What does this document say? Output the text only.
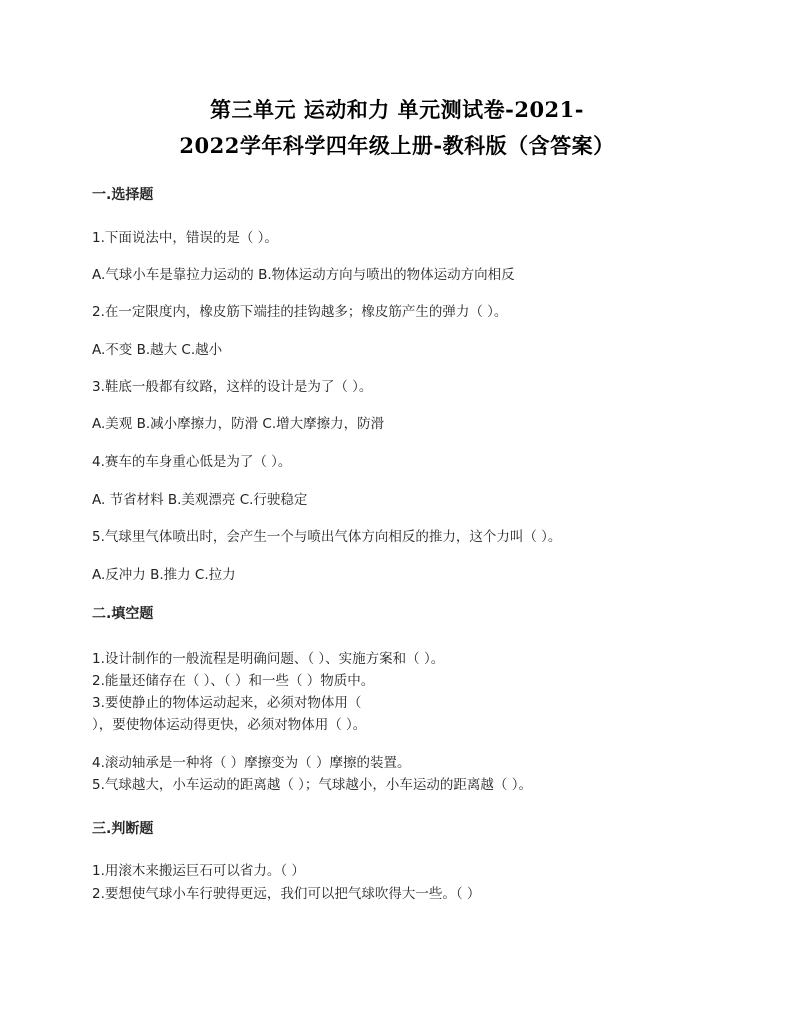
第三单元 运动和力 单元测试卷-2021-
2022学年科学四年级上册-教科版（含答案）
一.选择题
1.下面说法中，错误的是（ ）。
A.气球小车是靠拉力运动的 B.物体运动方向与喷出的物体运动方向相反
2.在一定限度内，橡皮筋下端挂的挂钩越多；橡皮筋产生的弹力（ ）。
A.不变 B.越大 C.越小
3.鞋底一般都有纹路，这样的设计是为了（ ）。
A.美观 B.减小摩擦力，防滑 C.增大摩擦力，防滑
4.赛车的车身重心低是为了（ ）。
A. 节省材料 B.美观漂亮 C.行驶稳定
5.气球里气体喷出时，会产生一个与喷出气体方向相反的推力，这个力叫（ ）。
A.反冲力 B.推力 C.拉力
二.填空题
1.设计制作的一般流程是明确问题、（ ）、实施方案和（ ）。
2.能量还储存在（ ）、（ ）和一些（ ）物质中。
3.要使静止的物体运动起来，必须对物体用（
），要使物体运动得更快，必须对物体用（ ）。
4.滚动轴承是一种将（ ）摩擦变为（ ）摩擦的装置。
5.气球越大，小车运动的距离越（ ）；气球越小，小车运动的距离越（ ）。
三.判断题
1.用滚木来搬运巨石可以省力。（ ）
2.要想使气球小车行驶得更远，我们可以把气球吹得大一些。（ ）
